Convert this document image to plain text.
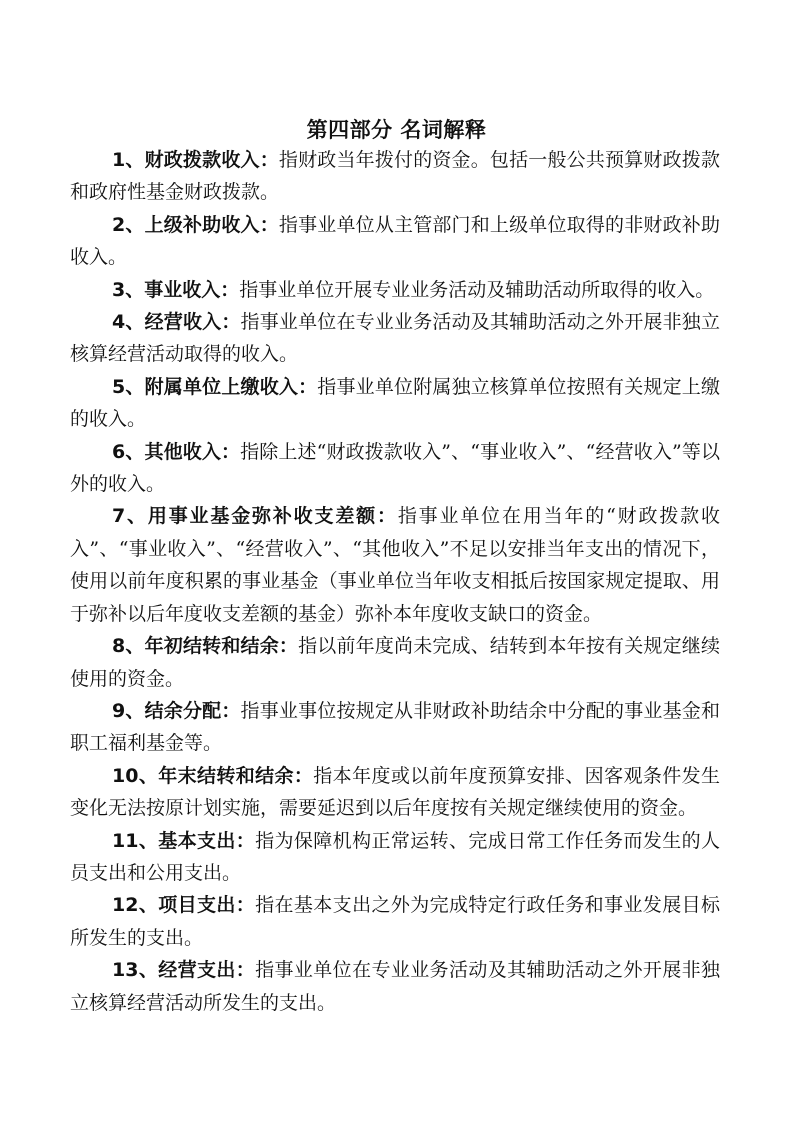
第四部分 名词解释

1、财政拨款收入：指财政当年拨付的资金。包括一般公共预算财政拨款和政府性基金财政拨款。

2、上级补助收入：指事业单位从主管部门和上级单位取得的非财政补助收入。

3、事业收入：指事业单位开展专业业务活动及辅助活动所取得的收入。

4、经营收入：指事业单位在专业业务活动及其辅助活动之外开展非独立核算经营活动取得的收入。

5、附属单位上缴收入：指事业单位附属独立核算单位按照有关规定上缴的收入。

6、其他收入：指除上述“财政拨款收入”、“事业收入”、“经营收入”等以外的收入。

7、用事业基金弥补收支差额：指事业单位在用当年的“财政拨款收入”、“事业收入”、“经营收入”、“其他收入”不足以安排当年支出的情况下，使用以前年度积累的事业基金（事业单位当年收支相抵后按国家规定提取、用于弥补以后年度收支差额的基金）弥补本年度收支缺口的资金。

8、年初结转和结余：指以前年度尚未完成、结转到本年按有关规定继续使用的资金。

9、结余分配：指事业事位按规定从非财政补助结余中分配的事业基金和职工福利基金等。

10、年末结转和结余：指本年度或以前年度预算安排、因客观条件发生变化无法按原计划实施，需要延迟到以后年度按有关规定继续使用的资金。

11、基本支出：指为保障机构正常运转、完成日常工作任务而发生的人员支出和公用支出。

12、项目支出：指在基本支出之外为完成特定行政任务和事业发展目标所发生的支出。

13、经营支出：指事业单位在专业业务活动及其辅助活动之外开展非独立核算经营活动所发生的支出。
